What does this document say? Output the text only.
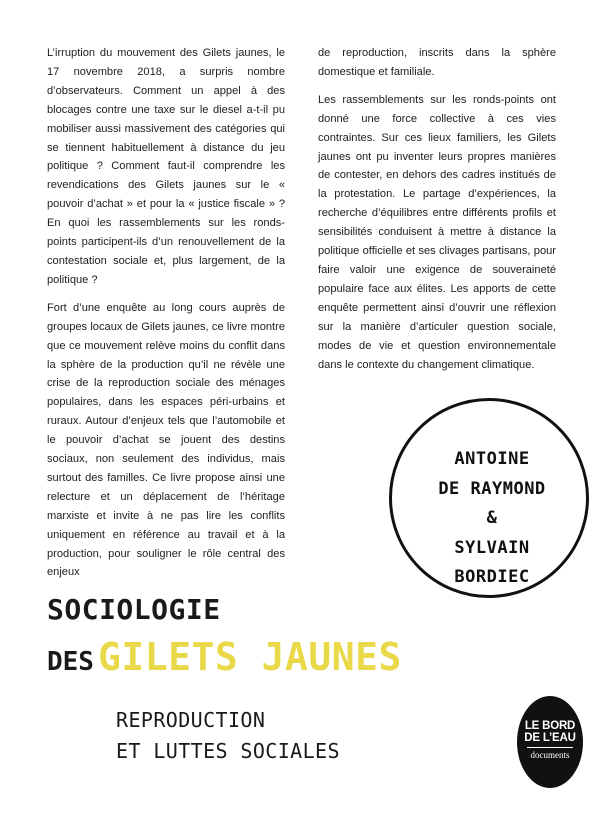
L’irruption du mouvement des Gilets jaunes, le 17 novembre 2018, a surpris nombre d’observateurs. Comment un appel à des blocages contre une taxe sur le diesel a-t-il pu mobiliser aussi massivement des catégories qui se tiennent habituellement à distance du jeu politique ? Comment faut-il comprendre les revendications des Gilets jaunes sur le « pouvoir d’achat » et pour la « justice fiscale » ? En quoi les rassemblements sur les ronds-points participent-ils d’un renouvellement de la contestation sociale et, plus largement, de la politique ?

Fort d’une enquête au long cours auprès de groupes locaux de Gilets jaunes, ce livre montre que ce mouvement relève moins du conflit dans la sphère de la production qu’il ne révèle une crise de la reproduction sociale des ménages populaires, dans les espaces péri-urbains et ruraux. Autour d’enjeux tels que l’automobile et le pouvoir d’achat se jouent des destins sociaux, non seulement des individus, mais surtout des familles. Ce livre propose ainsi une relecture et un déplacement de l’héritage marxiste et invite à ne pas lire les conflits uniquement en référence au travail et à la production, pour souligner le rôle central des enjeux

de reproduction, inscrits dans la sphère domestique et familiale.

Les rassemblements sur les ronds-points ont donné une force collective à ces vies contraintes. Sur ces lieux familiers, les Gilets jaunes ont pu inventer leurs propres manières de contester, en dehors des cadres institués de la protestation. Le partage d’expériences, la recherche d’équilibres entre différents profils et sensibilités conduisent à mettre à distance la politique officielle et ses clivages partisans, pour faire valoir une exigence de souveraineté populaire face aux élites. Les apports de cette enquête permettent ainsi d’ouvrir une réflexion sur la manière d’articuler question sociale, modes de vie et question environnementale dans le contexte du changement climatique.

ANTOINE
DE RAYMOND
&
SYLVAIN
BORDIEC
SOCIOLOGIE
DES GILETS JAUNES
REPRODUCTION
ET LUTTES SOCIALES
LE BORD
DE L’EAU
documents
